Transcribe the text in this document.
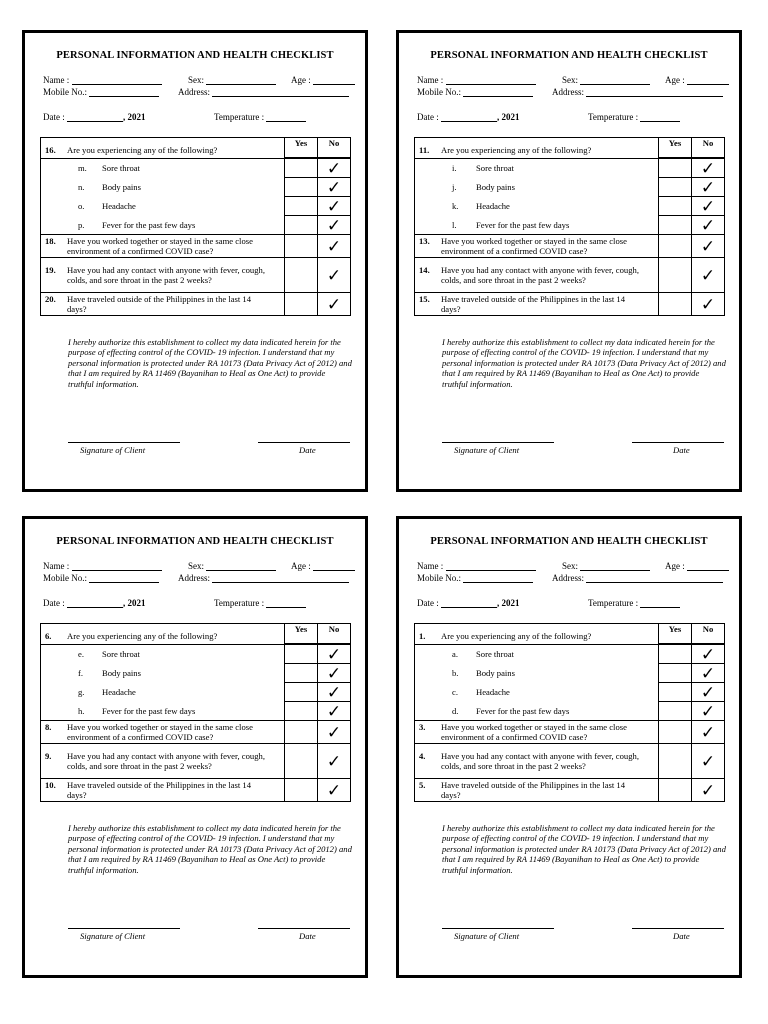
PERSONAL INFORMATION AND HEALTH CHECKLIST
Name :	Sex:	Age :
Mobile No.:	Address:
Date :	, 2021	Temperature :
16. Are you experiencing any of the following?	Yes	No

m. Sore throat		✓
n. Body pains		✓
o. Headache		✓
p. Fever for the past few days		✓
18. Have you worked together or stayed in the same close environment of a confirmed COVID case?		✓
19. Have you had any contact with anyone with fever, cough, colds, and sore throat in the past 2 weeks?		✓
20. Have traveled outside of the Philippines in the last 14 days?		✓
I hereby authorize this establishment to collect my data indicated herein for the purpose of effecting control of the COVID- 19 infection. I understand that my personal information is protected under RA 10173 (Data Privacy Act of 2012) and that I am required by RA 11469 (Bayanihan to Heal as One Act) to provide truthful information.
Signature of Client	Date
PERSONAL INFORMATION AND HEALTH CHECKLIST
Name :	Sex:	Age :
Mobile No.:	Address:
Date :	, 2021	Temperature :
11. Are you experiencing any of the following?	Yes	No

i. Sore throat		✓
j. Body pains		✓
k. Headache		✓
l. Fever for the past few days		✓
13. Have you worked together or stayed in the same close environment of a confirmed COVID case?		✓
14. Have you had any contact with anyone with fever, cough, colds, and sore throat in the past 2 weeks?		✓
15. Have traveled outside of the Philippines in the last 14 days?		✓
I hereby authorize this establishment to collect my data indicated herein for the purpose of effecting control of the COVID- 19 infection. I understand that my personal information is protected under RA 10173 (Data Privacy Act of 2012) and that I am required by RA 11469 (Bayanihan to Heal as One Act) to provide truthful information.
Signature of Client	Date
PERSONAL INFORMATION AND HEALTH CHECKLIST
Name :	Sex:	Age :
Mobile No.:	Address:
Date :	, 2021	Temperature :
6. Are you experiencing any of the following?	Yes	No

e. Sore throat		✓
f. Body pains		✓
g. Headache		✓
h. Fever for the past few days		✓
8. Have you worked together or stayed in the same close environment of a confirmed COVID case?		✓
9. Have you had any contact with anyone with fever, cough, colds, and sore throat in the past 2 weeks?		✓
10. Have traveled outside of the Philippines in the last 14 days?		✓
I hereby authorize this establishment to collect my data indicated herein for the purpose of effecting control of the COVID- 19 infection. I understand that my personal information is protected under RA 10173 (Data Privacy Act of 2012) and that I am required by RA 11469 (Bayanihan to Heal as One Act) to provide truthful information.
Signature of Client	Date
PERSONAL INFORMATION AND HEALTH CHECKLIST
Name :	Sex:	Age :
Mobile No.:	Address:
Date :	, 2021	Temperature :
1. Are you experiencing any of the following?	Yes	No

a. Sore throat		✓
b. Body pains		✓
c. Headache		✓
d. Fever for the past few days		✓
3. Have you worked together or stayed in the same close environment of a confirmed COVID case?		✓
4. Have you had any contact with anyone with fever, cough, colds, and sore throat in the past 2 weeks?		✓
5. Have traveled outside of the Philippines in the last 14 days?		✓
I hereby authorize this establishment to collect my data indicated herein for the purpose of effecting control of the COVID- 19 infection. I understand that my personal information is protected under RA 10173 (Data Privacy Act of 2012) and that I am required by RA 11469 (Bayanihan to Heal as One Act) to provide truthful information.
Signature of Client	Date
